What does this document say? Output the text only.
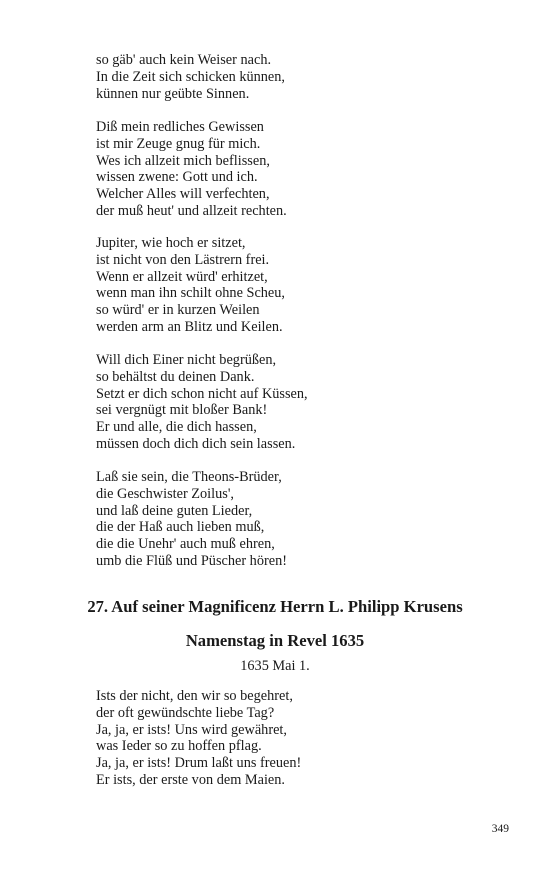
so gäb' auch kein Weiser nach.
In die Zeit sich schicken künnen,
künnen nur geübte Sinnen.
Diß mein redliches Gewissen
ist mir Zeuge gnug für mich.
Wes ich allzeit mich beflissen,
wissen zwene: Gott und ich.
Welcher Alles will verfechten,
der muß heut' und allzeit rechten.
Jupiter, wie hoch er sitzet,
ist nicht von den Lästrern frei.
Wenn er allzeit würd' erhitzet,
wenn man ihn schilt ohne Scheu,
so würd' er in kurzen Weilen
werden arm an Blitz und Keilen.
Will dich Einer nicht begrüßen,
so behältst du deinen Dank.
Setzt er dich schon nicht auf Küssen,
sei vergnügt mit bloßer Bank!
Er und alle, die dich hassen,
müssen doch dich dich sein lassen.
Laß sie sein, die Theons-Brüder,
die Geschwister Zoilus',
und laß deine guten Lieder,
die der Haß auch lieben muß,
die die Unehr' auch muß ehren,
umb die Flüß und Püscher hören!
27. Auf seiner Magnificenz Herrn L. Philipp Krusens
Namenstag in Revel 1635
1635 Mai 1.
Ists der nicht, den wir so begehret,
der oft gewündschte liebe Tag?
Ja, ja, er ists! Uns wird gewähret,
was Ieder so zu hoffen pflag.
Ja, ja, er ists! Drum laßt uns freuen!
Er ists, der erste von dem Maien.
349
